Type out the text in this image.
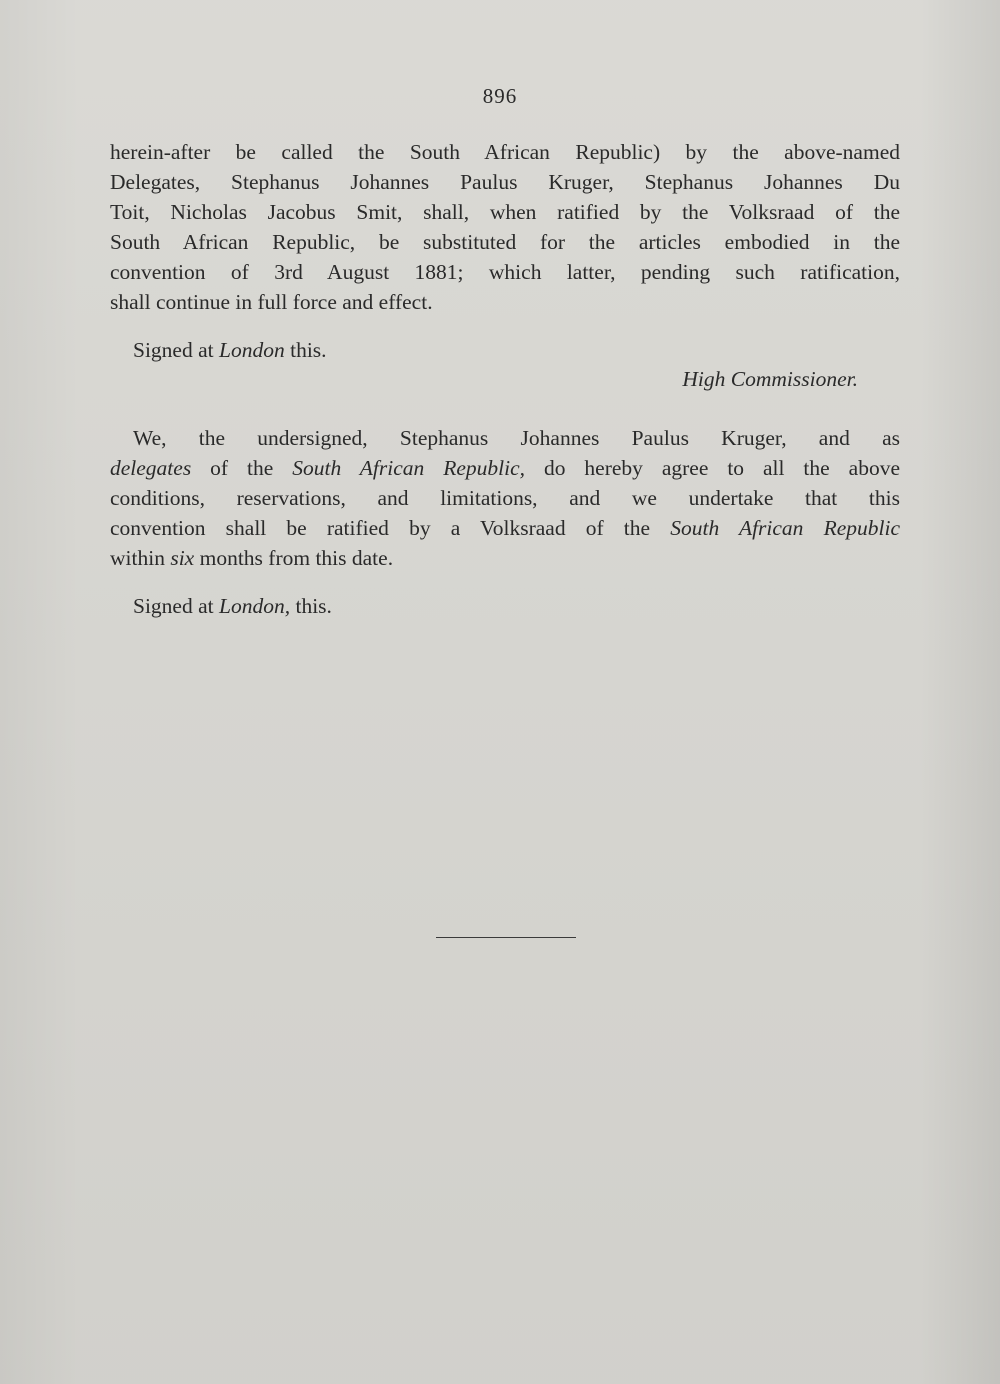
896
herein-after be called the South African Republic) by the above-named
Delegates, Stephanus Johannes Paulus Kruger, Stephanus Johannes Du
Toit, Nicholas Jacobus Smit, shall, when ratified by the Volksraad of the
South African Republic, be substituted for the articles embodied in the
convention of 3rd August 1881; which latter, pending such ratification,
shall continue in full force and effect.
Signed at London this.
High Commissioner.
We, the undersigned, Stephanus Johannes Paulus Kruger, and as
delegates of the South African Republic, do hereby agree to all the above
conditions, reservations, and limitations, and we undertake that this
convention shall be ratified by a Volksraad of the South African Republic
within six months from this date.
Signed at London, this.
